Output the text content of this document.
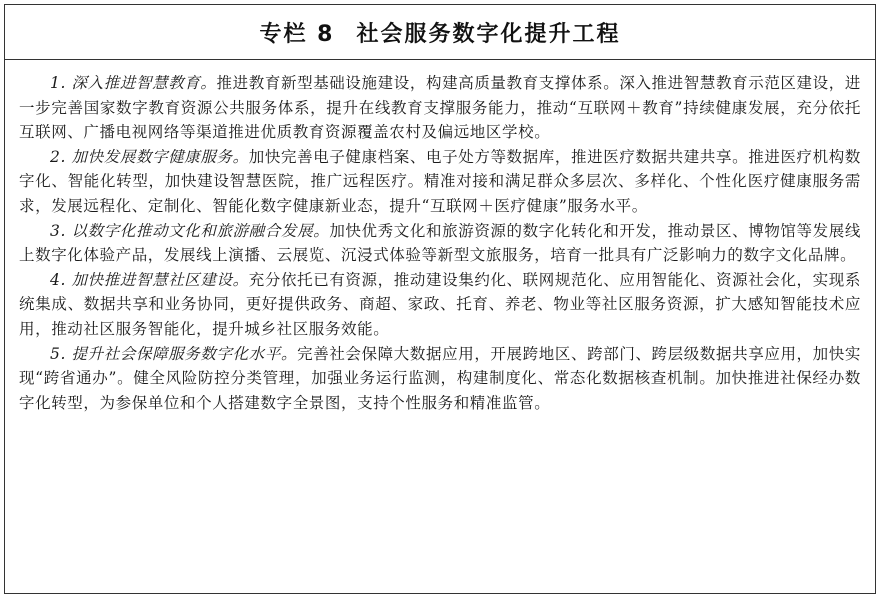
专栏 8 社会服务数字化提升工程

1. 深入推进智慧教育。推进教育新型基础设施建设，构建高质量教育支撑体系。深入推进智慧教育示范区建设，进一步完善国家数字教育资源公共服务体系，提升在线教育支撑服务能力，推动“互联网＋教育”持续健康发展，充分依托互联网、广播电视网络等渠道推进优质教育资源覆盖农村及偏远地区学校。

2. 加快发展数字健康服务。加快完善电子健康档案、电子处方等数据库，推进医疗数据共建共享。推进医疗机构数字化、智能化转型，加快建设智慧医院，推广远程医疗。精准对接和满足群众多层次、多样化、个性化医疗健康服务需求，发展远程化、定制化、智能化数字健康新业态，提升“互联网＋医疗健康”服务水平。

3. 以数字化推动文化和旅游融合发展。加快优秀文化和旅游资源的数字化转化和开发，推动景区、博物馆等发展线上数字化体验产品，发展线上演播、云展览、沉浸式体验等新型文旅服务，培育一批具有广泛影响力的数字文化品牌。

4. 加快推进智慧社区建设。充分依托已有资源，推动建设集约化、联网规范化、应用智能化、资源社会化，实现系统集成、数据共享和业务协同，更好提供政务、商超、家政、托育、养老、物业等社区服务资源，扩大感知智能技术应用，推动社区服务智能化，提升城乡社区服务效能。

5. 提升社会保障服务数字化水平。完善社会保障大数据应用，开展跨地区、跨部门、跨层级数据共享应用，加快实现“跨省通办”。健全风险防控分类管理，加强业务运行监测，构建制度化、常态化数据核查机制。加快推进社保经办数字化转型，为参保单位和个人搭建数字全景图，支持个性服务和精准监管。
